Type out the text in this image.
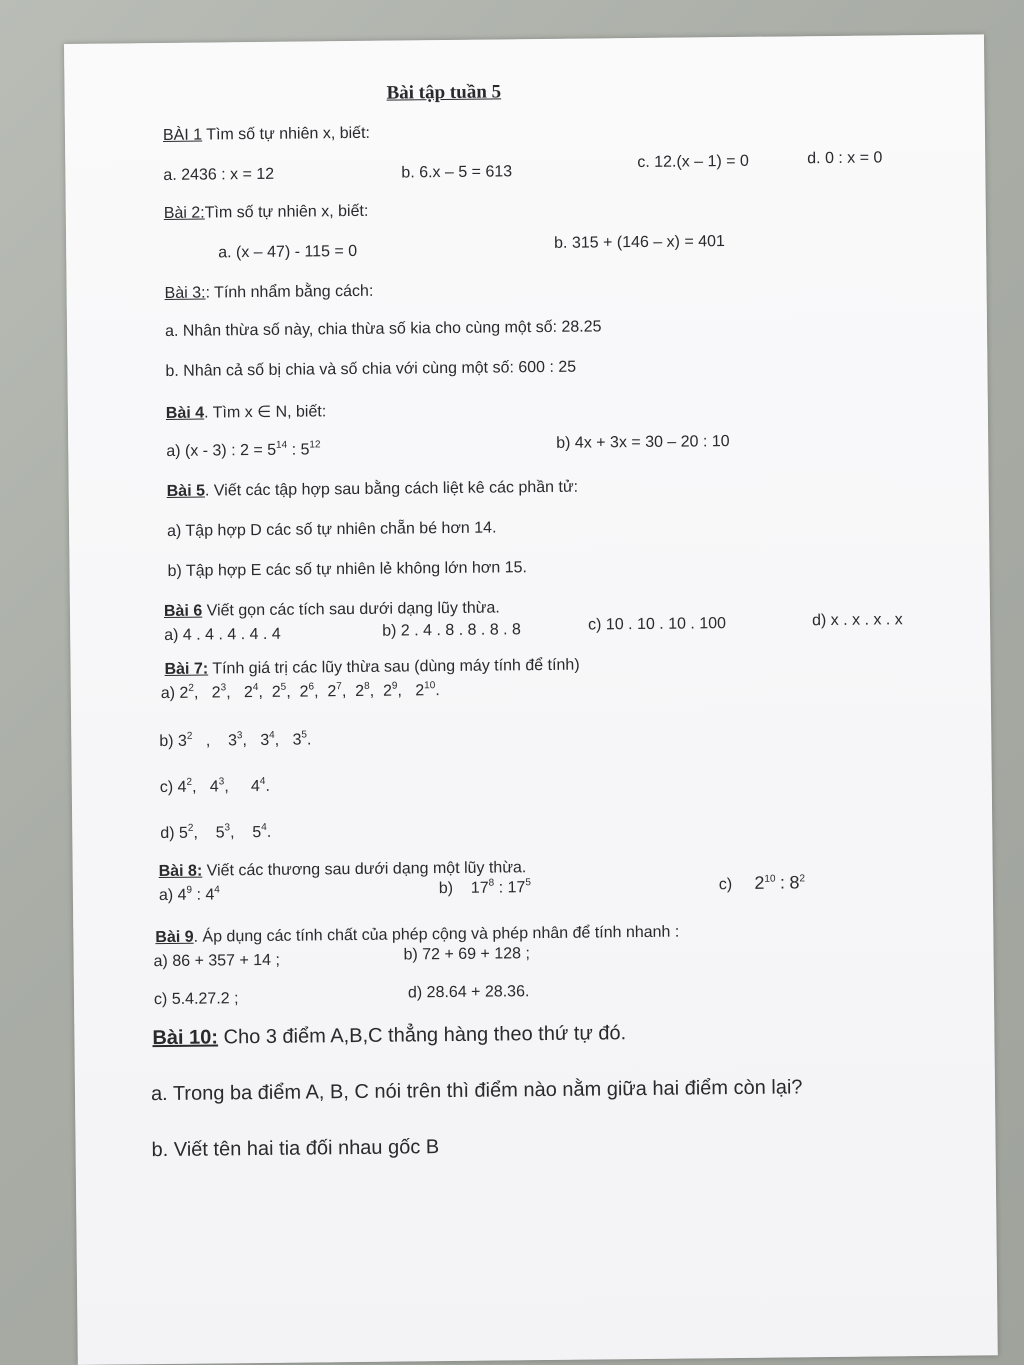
Bài tập tuần 5
BÀI 1 Tìm số tự nhiên x, biết:
a. 2436 : x = 12	b. 6.x – 5 = 613
c. 12.(x – 1) = 0	d. 0 : x = 0
Bài 2:Tìm số tự nhiên x, biết:
a. (x – 47) - 115 = 0
b. 315 + (146 – x) = 401
Bài 3:: Tính nhẩm bằng cách:
a. Nhân thừa số này, chia thừa số kia cho cùng một số: 28.25
b. Nhân cả số bị chia và số chia với cùng một số: 600 : 25
Bài 4. Tìm x ∈ N, biết:
a) (x - 3) : $2 = 5^{14}$ : $5^{12}$	b) 4x + 3x = 30 – 20 : 10
Bài 5. Viết các tập hợp sau bằng cách liệt kê các phần tử:
a) Tập hợp D các số tự nhiên chẵn bé hơn 14.
b) Tập hợp E các số tự nhiên lẻ không lớn hơn 15.
Bài 6 Viết gọn các tích sau dưới dạng lũy thừa.
a) 4 . 4 . 4 . 4 . 4	b) 2 . 4 . 8 . 8 . 8 . 8	c) 10 . 10 . 10 . 100	d) x . x . x . x
Bài 7: Tính giá trị các lũy thừa sau (dùng máy tính để tính)
a) $2^2$,   $2^3$,   $2^4$,  $2^5$,  $2^6$,  $2^7$,  $2^8$,  $2^9$,   $2^{10}$.
b) $3^2$   ,    $3^3$,   $3^4$,   $3^5$.
c) $4^2$,   $4^3$,     $4^4$.
d) $5^2$,    $5^3$,    $5^4$.
Bài 8: Viết các thương sau dưới dạng một lũy thừa.
a) $4^9$ : $4^4$	b) $17^8$ : $17^5$	c) $2^{10}$ : $8^2$
Bài 9. Áp dụng các tính chất của phép cộng và phép nhân để tính nhanh :
a) 86 + 357 + 14 ;	b) 72 + 69 + 128 ;
c) 5.4.27.2 ;	d) 28.64 + 28.36.
Bài 10: Cho 3 điểm A,B,C thẳng hàng theo thứ tự đó.
a. Trong ba điểm A, B, C nói trên thì điểm nào nằm giữa hai điểm còn lại?
b. Viết tên hai tia đối nhau gốc B
